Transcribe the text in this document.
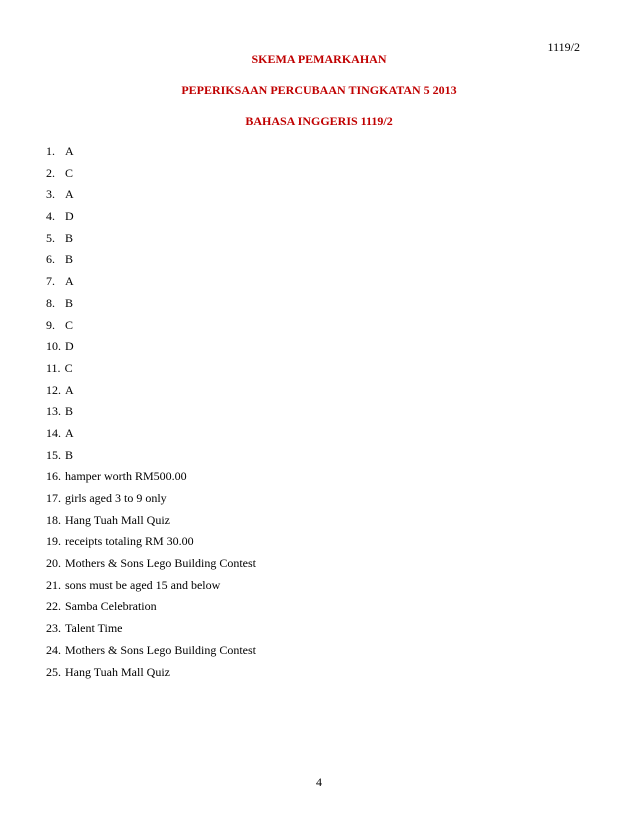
1119/2
SKEMA PEMARKAHAN
PEPERIKSAAN PERCUBAAN TINGKATAN 5 2013
BAHASA INGGERIS 1119/2
1. A
2. C
3. A
4. D
5. B
6. B
7. A
8. B
9. C
10. D
11. C
12. A
13. B
14. A
15. B
16. hamper worth RM500.00
17. girls aged 3 to 9 only
18. Hang Tuah Mall Quiz
19. receipts totaling RM 30.00
20. Mothers & Sons Lego Building Contest
21. sons must be aged 15 and below
22. Samba Celebration
23. Talent Time
24. Mothers & Sons Lego Building Contest
25. Hang Tuah Mall Quiz
4
